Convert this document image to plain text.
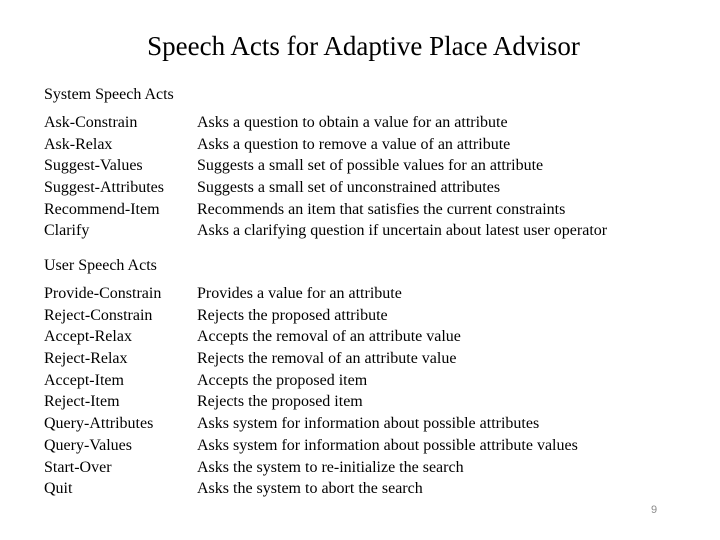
Speech Acts for Adaptive Place Advisor
System Speech Acts
Ask-Constrain	Asks a question to obtain a value for an attribute
Ask-Relax	Asks a question to remove a value of an attribute
Suggest-Values	Suggests a small set of possible values for an attribute
Suggest-Attributes	Suggests a small set of unconstrained attributes
Recommend-Item	Recommends an item that satisfies the current constraints
Clarify	Asks a clarifying question if uncertain about latest user operator
User Speech Acts
Provide-Constrain	Provides a value for an attribute
Reject-Constrain	Rejects the proposed attribute
Accept-Relax	Accepts the removal of an attribute value
Reject-Relax	Rejects the removal of an attribute value
Accept-Item	Accepts the proposed item
Reject-Item	Rejects the proposed item
Query-Attributes	Asks system for information about possible attributes
Query-Values	Asks system for information about possible attribute values
Start-Over	Asks the system to re-initialize the search
Quit	Asks the system to abort the search
9
